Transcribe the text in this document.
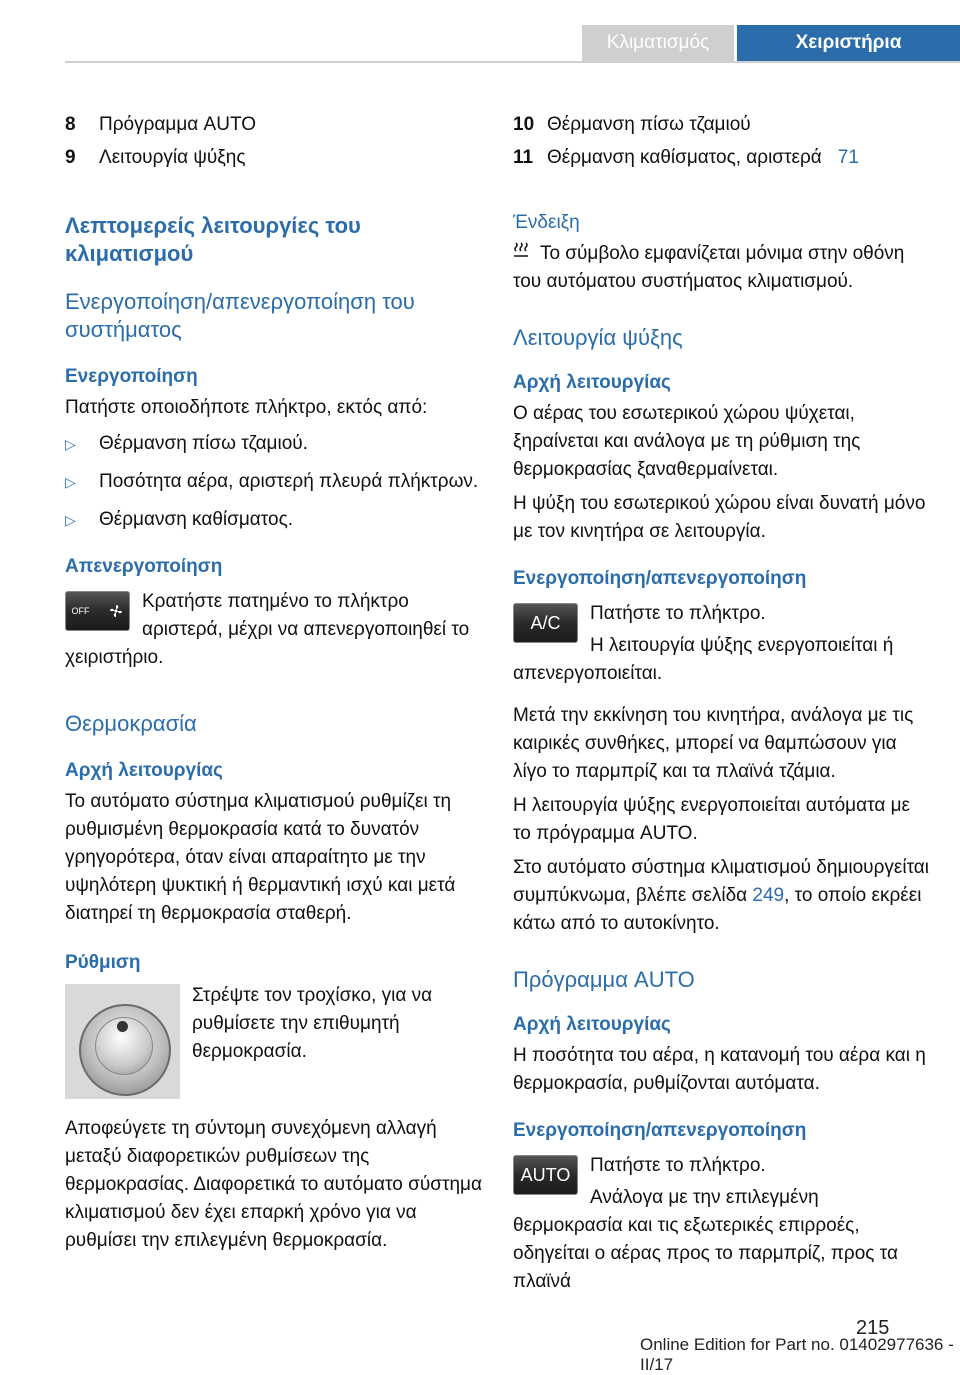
Κλιματισμός	Χειριστήρια
8	Πρόγραμμα AUTO
9	Λειτουργία ψύξης

Λεπτομερείς λειτουργίες του κλιματισμού

Ενεργοποίηση/απενεργοποίηση του συστήματος

Ενεργοποίηση

Πατήστε οποιοδήποτε πλήκτρο, εκτός από:

▷	Θέρμανση πίσω τζαμιού.
▷	Ποσότητα αέρα, αριστερή πλευρά πλήκτρων.
▷	Θέρμανση καθίσματος.

Απενεργοποίηση

OFF	Κρατήστε πατημένο το πλήκτρο αριστερά, μέχρι να απενεργοποιηθεί το χειριστήριο.

Θερμοκρασία

Αρχή λειτουργίας

Το αυτόματο σύστημα κλιματισμού ρυθμίζει τη ρυθμισμένη θερμοκρασία κατά το δυνατόν γρηγορότερα, όταν είναι απαραίτητο με την υψηλότερη ψυκτική ή θερμαντική ισχύ και μετά διατηρεί τη θερμοκρασία σταθερή.

Ρύθμιση

Στρέψτε τον τροχίσκο, για να ρυθμίσετε την επιθυμητή θερμοκρασία.

Αποφεύγετε τη σύντομη συνεχόμενη αλλαγή μεταξύ διαφορετικών ρυθμίσεων της θερμοκρασίας. Διαφορετικά το αυτόματο σύστημα κλιματισμού δεν έχει επαρκή χρόνο για να ρυθμίσει την επιλεγμένη θερμοκρασία.

10 Θέρμανση πίσω τζαμιού
11 Θέρμανση καθίσματος, αριστερά 71

Ένδειξη

Το σύμβολο εμφανίζεται μόνιμα στην οθόνη του αυτόματου συστήματος κλιματισμού.

Λειτουργία ψύξης

Αρχή λειτουργίας

Ο αέρας του εσωτερικού χώρου ψύχεται, ξηραίνεται και ανάλογα με τη ρύθμιση της θερμοκρασίας ξαναθερμαίνεται.

Η ψύξη του εσωτερικού χώρου είναι δυνατή μόνο με τον κινητήρα σε λειτουργία.

Ενεργοποίηση/απενεργοποίηση

A/C	Πατήστε το πλήκτρο.

Η λειτουργία ψύξης ενεργοποιείται ή απενεργοποιείται.

Μετά την εκκίνηση του κινητήρα, ανάλογα με τις καιρικές συνθήκες, μπορεί να θαμπώσουν για λίγο το παρμπρίζ και τα πλαϊνά τζάμια.

Η λειτουργία ψύξης ενεργοποιείται αυτόματα με το πρόγραμμα AUTO.

Στο αυτόματο σύστημα κλιματισμού δημιουργείται συμπύκνωμα, βλέπε σελίδα 249, το οποίο εκρέει κάτω από το αυτοκίνητο.

Πρόγραμμα AUTO

Αρχή λειτουργίας

Η ποσότητα του αέρα, η κατανομή του αέρα και η θερμοκρασία, ρυθμίζονται αυτόματα.

Ενεργοποίηση/απενεργοποίηση

AUTO	Πατήστε το πλήκτρο.

Ανάλογα με την επιλεγμένη θερμοκρασία και τις εξωτερικές επιρροές, οδηγείται ο αέρας προς το παρμπρίζ, προς τα πλαϊνά

215
Online Edition for Part no. 01402977636 - II/17
